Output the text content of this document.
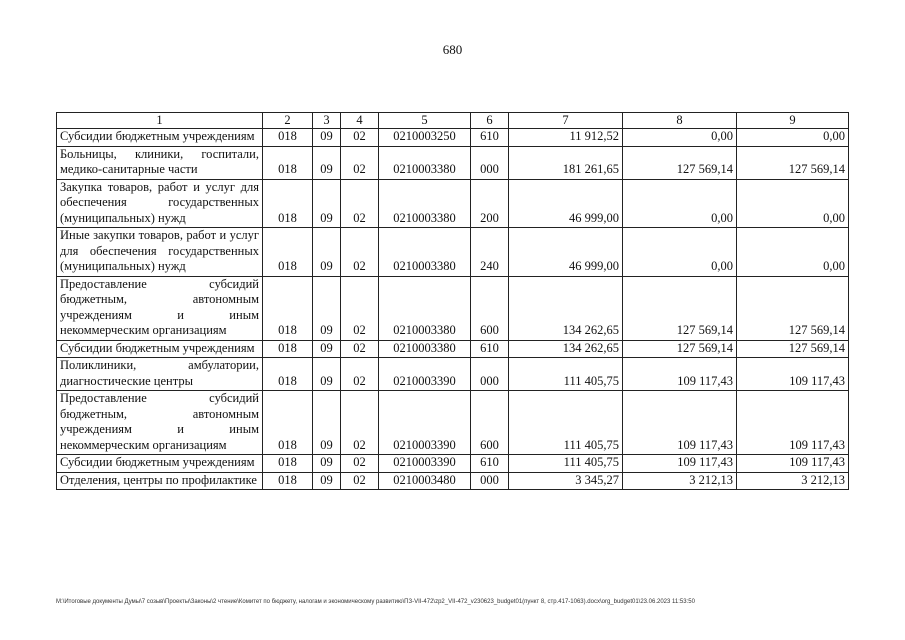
680
1	2	3	4	5	6	7	8	9
Субсидии бюджетным учреждениям	018	09	02	0210003250	610	11 912,52	0,00	0,00
Больницы, клиники, госпитали, медико-санитарные части	018	09	02	0210003380	000	181 261,65	127 569,14	127 569,14
Закупка товаров, работ и услуг для обеспечения государственных (муниципальных) нужд	018	09	02	0210003380	200	46 999,00	0,00	0,00
Иные закупки товаров, работ и услуг для обеспечения государственных (муниципальных) нужд	018	09	02	0210003380	240	46 999,00	0,00	0,00
Предоставление субсидий бюджетным, автономным учреждениям и иным некоммерческим организациям	018	09	02	0210003380	600	134 262,65	127 569,14	127 569,14
Субсидии бюджетным учреждениям	018	09	02	0210003380	610	134 262,65	127 569,14	127 569,14
Поликлиники, амбулатории, диагностические центры	018	09	02	0210003390	000	111 405,75	109 117,43	109 117,43
Предоставление субсидий бюджетным, автономным учреждениям и иным некоммерческим организациям	018	09	02	0210003390	600	111 405,75	109 117,43	109 117,43
Субсидии бюджетным учреждениям	018	09	02	0210003390	610	111 405,75	109 117,43	109 117,43
Отделения, центры по профилактике	018	09	02	0210003480	000	3 345,27	3 212,13	3 212,13
M:\Итоговые документы Думы\7 созыв\Проекты\Законы\2 чтение\Комитет по бюджету, налогам и экономическому развитию\ПЗ-VII-472\zp2_VII-472_v230623_budget01(пункт 8, стр.417-1063).docx\org_budget01\23.06.2023 11:53:50
